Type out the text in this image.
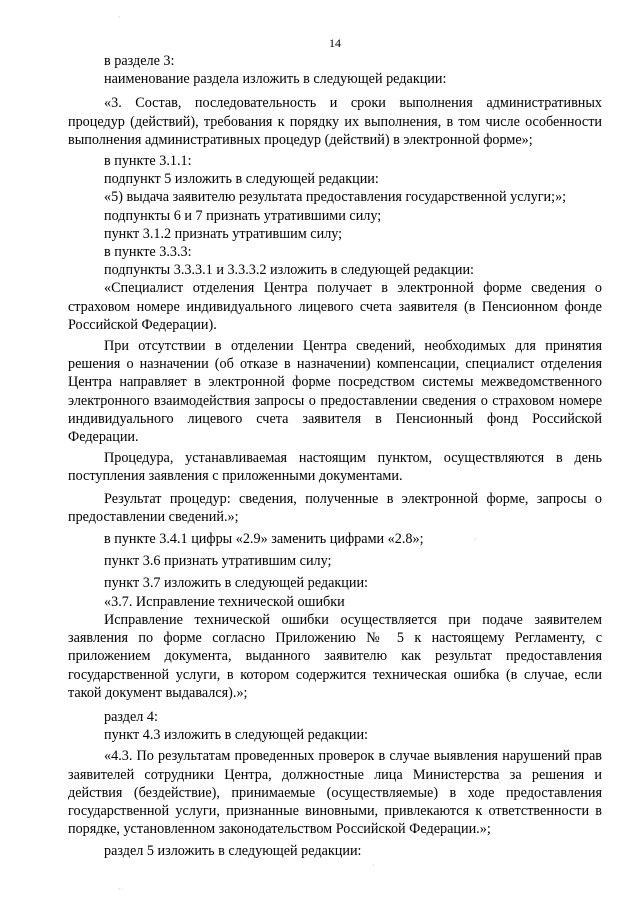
14

в разделе 3:

наименование раздела изложить в следующей редакции:

«3. Состав, последовательность и сроки выполнения административных процедур (действий), требования к порядку их выполнения, в том числе особенности выполнения административных процедур (действий) в электронной форме»;

в пункте 3.1.1:

подпункт 5 изложить в следующей редакции:

«5) выдача заявителю результата предоставления государственной услуги;»;

подпункты 6 и 7 признать утратившими силу;

пункт 3.1.2 признать утратившим силу;

в пункте 3.3.3:

подпункты 3.3.3.1 и 3.3.3.2 изложить в следующей редакции:

«Специалист отделения Центра получает в электронной форме сведения о страховом номере индивидуального лицевого счета заявителя (в Пенсионном фонде Российской Федерации).

При отсутствии в отделении Центра сведений, необходимых для принятия решения о назначении (об отказе в назначении) компенсации, специалист отделения Центра направляет в электронной форме посредством системы межведомственного электронного взаимодействия запросы о предоставлении сведения о страховом номере индивидуального лицевого счета заявителя в Пенсионный фонд Российской Федерации.

Процедура, устанавливаемая настоящим пунктом, осуществляются в день поступления заявления с приложенными документами.

Результат процедур: сведения, полученные в электронной форме, запросы о предоставлении сведений.»;

в пункте 3.4.1 цифры «2.9» заменить цифрами «2.8»;

пункт 3.6 признать утратившим силу;

пункт 3.7 изложить в следующей редакции:

«3.7. Исправление технической ошибки

Исправление технической ошибки осуществляется при подаче заявителем заявления по форме согласно Приложению № 5 к настоящему Регламенту, с приложением документа, выданного заявителю как результат предоставления государственной услуги, в котором содержится техническая ошибка (в случае, если такой документ выдавался).»;

раздел 4:

пункт 4.3 изложить в следующей редакции:

«4.3. По результатам проведенных проверок в случае выявления нарушений прав заявителей сотрудники Центра, должностные лица Министерства за решения и действия (бездействие), принимаемые (осуществляемые) в ходе предоставления государственной услуги, признанные виновными, привлекаются к ответственности в порядке, установленном законодательством Российской Федерации.»;

раздел 5 изложить в следующей редакции:

·
·
·
··
